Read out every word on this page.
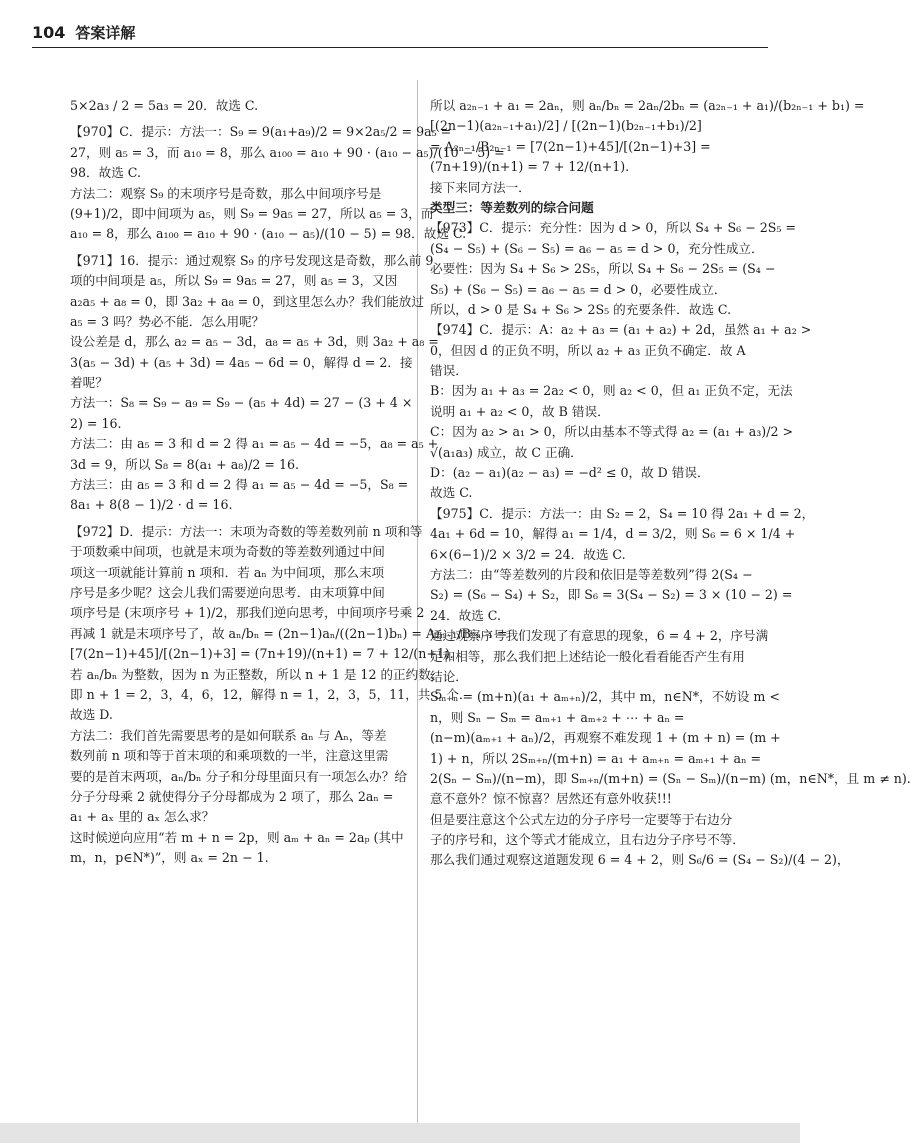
104 答案详解
5×2a₃ / 2 = 5a₃ = 20．故选 C.
【970】C．提示：方法一：S₉ = 9(a₁+a₉)/2 = 9×2a₅/2 = 9a₅ =
27，则 a₅ = 3，而 a₁₀ = 8，那么 a₁₀₀ = a₁₀ + 90 · (a₁₀ − a₅)/(10 − 5) =
98．故选 C.
方法二：观察 S₉ 的末项序号是奇数，那么中间项序号是
(9+1)/2，即中间项为 a₅，则 S₉ = 9a₅ = 27，所以 a₅ = 3，而
a₁₀ = 8，那么 a₁₀₀ = a₁₀ + 90 · (a₁₀ − a₅)/(10 − 5) = 98．故选 C.
【971】16．提示：通过观察 S₉ 的序号发现这是奇数，那么前 9
项的中间项是 a₅，所以 S₉ = 9a₅ = 27，则 a₅ = 3，又因
a₂a₅ + a₈ = 0，即 3a₂ + a₈ = 0，到这里怎么办？我们能放过
a₅ = 3 吗？势必不能．怎么用呢？
设公差是 d，那么 a₂ = a₅ − 3d，a₈ = a₅ + 3d，则 3a₂ + a₈ =
3(a₅ − 3d) + (a₅ + 3d) = 4a₅ − 6d = 0，解得 d = 2．接
着呢？
方法一：S₈ = S₉ − a₉ = S₉ − (a₅ + 4d) = 27 − (3 + 4 ×
2) = 16.
方法二：由 a₅ = 3 和 d = 2 得 a₁ = a₅ − 4d = −5，a₈ = a₅ +
3d = 9，所以 S₈ = 8(a₁ + a₈)/2 = 16.
方法三：由 a₅ = 3 和 d = 2 得 a₁ = a₅ − 4d = −5，S₈ =
8a₁ + 8(8 − 1)/2 · d = 16.
【972】D．提示：方法一：末项为奇数的等差数列前 n 项和等
于项数乘中间项，也就是末项为奇数的等差数列通过中间
项这一项就能计算前 n 项和．若 aₙ 为中间项，那么末项
序号是多少呢？这会儿我们需要逆向思考．由末项算中间
项序号是 (末项序号 + 1)/2，那我们逆向思考，中间项序号乘 2
再减 1 就是末项序号了，故 aₙ/bₙ = (2n−1)aₙ/((2n−1)bₙ) = A₂ₙ₋₁/B₂ₙ₋₁ =
[7(2n−1)+45]/[(2n−1)+3] = (7n+19)/(n+1) = 7 + 12/(n+1).
若 aₙ/bₙ 为整数，因为 n 为正整数，所以 n + 1 是 12 的正约数，
即 n + 1 = 2，3，4，6，12，解得 n = 1，2，3，5，11，共 5 个．
故选 D.
方法二：我们首先需要思考的是如何联系 aₙ 与 Aₙ，等差
数列前 n 项和等于首末项的和乘项数的一半，注意这里需
要的是首末两项，aₙ/bₙ 分子和分母里面只有一项怎么办？给
分子分母乘 2 就使得分子分母都成为 2 项了，那么 2aₙ =
a₁ + aₓ 里的 aₓ 怎么求？
这时候逆向应用“若 m + n = 2p，则 aₘ + aₙ = 2aₚ (其中
m，n，p∈N*)”，则 aₓ = 2n − 1.
所以 a₂ₙ₋₁ + a₁ = 2aₙ，则 aₙ/bₙ = 2aₙ/2bₙ = (a₂ₙ₋₁ + a₁)/(b₂ₙ₋₁ + b₁) =
[(2n−1)(a₂ₙ₋₁+a₁)/2] / [(2n−1)(b₂ₙ₋₁+b₁)/2]
= A₂ₙ₋₁/B₂ₙ₋₁ = [7(2n−1)+45]/[(2n−1)+3] =
(7n+19)/(n+1) = 7 + 12/(n+1).
接下来同方法一．
类型三：等差数列的综合问题
【973】C．提示：充分性：因为 d > 0，所以 S₄ + S₆ − 2S₅ =
(S₄ − S₅) + (S₆ − S₅) = a₆ − a₅ = d > 0，充分性成立．
必要性：因为 S₄ + S₆ > 2S₅，所以 S₄ + S₆ − 2S₅ = (S₄ −
S₅) + (S₆ − S₅) = a₆ − a₅ = d > 0，必要性成立．
所以，d > 0 是 S₄ + S₆ > 2S₅ 的充要条件．故选 C.
【974】C．提示：A：a₂ + a₃ = (a₁ + a₂) + 2d，虽然 a₁ + a₂ >
0，但因 d 的正负不明，所以 a₂ + a₃ 正负不确定．故 A
错误．
B：因为 a₁ + a₃ = 2a₂ < 0，则 a₂ < 0，但 a₁ 正负不定，无法
说明 a₁ + a₂ < 0，故 B 错误．
C：因为 a₂ > a₁ > 0，所以由基本不等式得 a₂ = (a₁ + a₃)/2 >
√(a₁a₃) 成立，故 C 正确．
D：(a₂ − a₁)(a₂ − a₃) = −d² ≤ 0，故 D 错误．
故选 C.
【975】C．提示：方法一：由 S₂ = 2，S₄ = 10 得 2a₁ + d = 2，
4a₁ + 6d = 10，解得 a₁ = 1/4，d = 3/2，则 S₆ = 6 × 1/4 +
6×(6−1)/2 × 3/2 = 24．故选 C.
方法二：由“等差数列的片段和依旧是等差数列”得 2(S₄ −
S₂) = (S₆ − S₄) + S₂，即 S₆ = 3(S₄ − S₂) = 3 × (10 − 2) =
24．故选 C.
通过观察序号我们发现了有意思的现象，6 = 4 + 2，序号满
足和相等，那么我们把上述结论一般化看看能否产生有用
结论．
Sₘ₊ₙ = (m+n)(a₁ + aₘ₊ₙ)/2，其中 m，n∈N*，不妨设 m <
n，则 Sₙ − Sₘ = aₘ₊₁ + aₘ₊₂ + ⋯ + aₙ =
(n−m)(aₘ₊₁ + aₙ)/2，再观察不难发现 1 + (m + n) = (m +
1) + n，所以 2Sₘ₊ₙ/(m+n) = a₁ + aₘ₊ₙ = aₘ₊₁ + aₙ =
2(Sₙ − Sₘ)/(n−m)，即 Sₘ₊ₙ/(m+n) = (Sₙ − Sₘ)/(n−m) (m，n∈N*，且 m ≠ n).
意不意外？惊不惊喜？居然还有意外收获!!!
但是要注意这个公式左边的分子序号一定要等于右边分
子的序号和，这个等式才能成立，且右边分子序号不等．
那么我们通过观察这道题发现 6 = 4 + 2，则 S₆/6 = (S₄ − S₂)/(4 − 2)，
